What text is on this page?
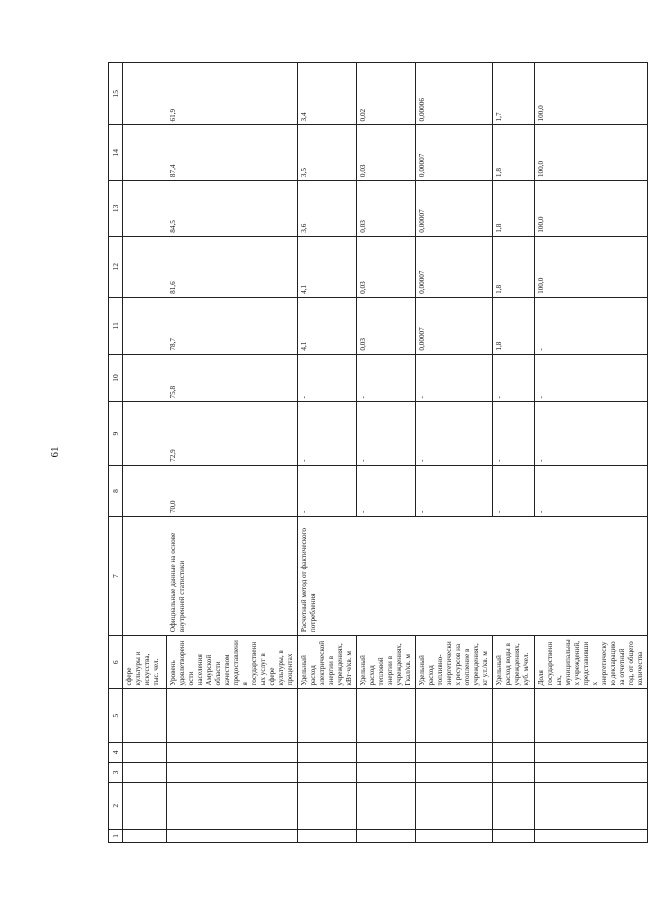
61
1	2	3	4	5	6	7	8	9	10	11	12	13	14	15
					сфере культуры и искусства, тыс. чел.									
					Уровень удовлетворенности населения Амурской области качеством предоставления государственных услуг в сфере культуры, в процентах	Официальные данные на основе внутренней статистики	70,0	72,9	75,8	78,7	81,6	84,5	87,4	61,9
					Удельный расход электрической энергии в учреждениях, кВт·ч/кв. м	Расчетный метод от фактического потребления	-	-	-	4,1	4,1	3,6	3,5	3,4
					Удельный расход тепловой энергии в учреждениях, Гкал/кв. м		-	-	-	0,03	0,03	0,03	0,03	0,02
					Удельный расход топливно-энергетических ресурсов на отопление в учреждениях, кг у.т./кв. м		-	-	-	0,00007	0,00007	0,00007	0,00007	0,00006
					Удельный расход воды в учреждениях, куб. м/чел.		-	-	-	1,8	1,8	1,8	1,8	1,7
					Доля государственных, муниципальных учреждений, представивших энергетическую декларацию за отчетный год, от общего количества		-	-	-	-	100,0	100,0	100,0	100,0
